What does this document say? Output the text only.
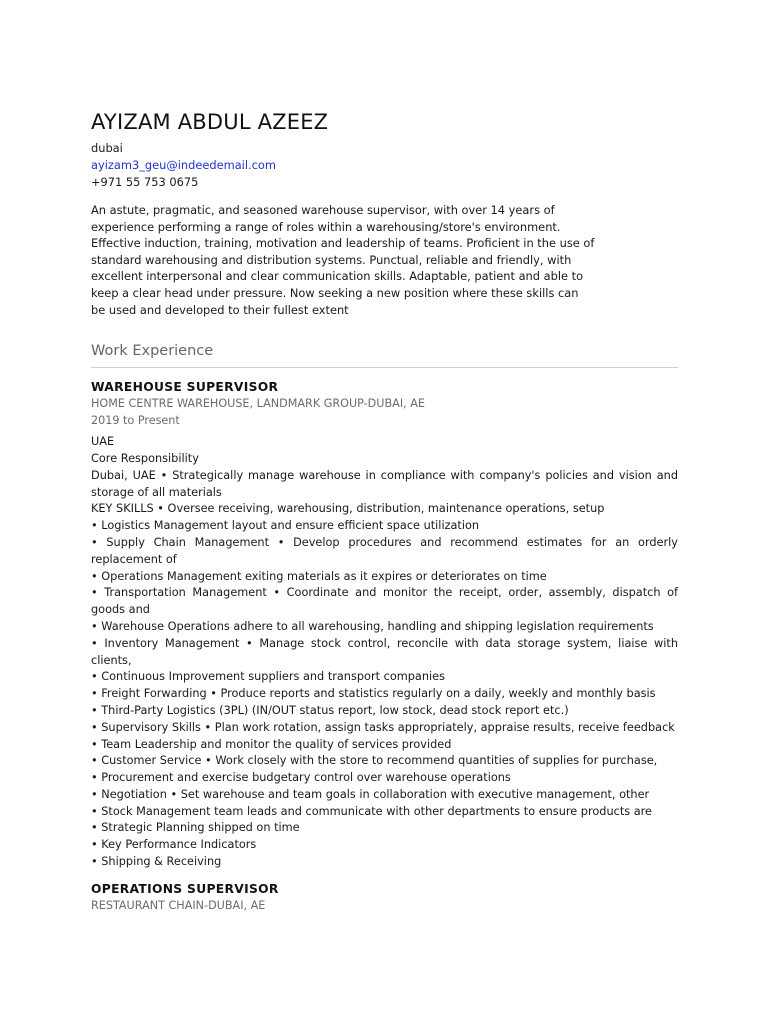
AYIZAM ABDUL AZEEZ
dubai
ayizam3_geu@indeedemail.com
+971 55 753 0675
An astute, pragmatic, and seasoned warehouse supervisor, with over 14 years of experience performing a range of roles within a warehousing/store's environment. Effective induction, training, motivation and leadership of teams. Proficient in the use of standard warehousing and distribution systems. Punctual, reliable and friendly, with excellent interpersonal and clear communication skills. Adaptable, patient and able to keep a clear head under pressure. Now seeking a new position where these skills can be used and developed to their fullest extent
Work Experience
WAREHOUSE SUPERVISOR
HOME CENTRE WAREHOUSE, LANDMARK GROUP-DUBAI, AE
2019 to Present
UAE
Core Responsibility
Dubai, UAE • Strategically manage warehouse in compliance with company's policies and vision and storage of all materials
KEY SKILLS • Oversee receiving, warehousing, distribution, maintenance operations, setup
• Logistics Management layout and ensure efficient space utilization
• Supply Chain Management • Develop procedures and recommend estimates for an orderly replacement of
• Operations Management exiting materials as it expires or deteriorates on time
• Transportation Management • Coordinate and monitor the receipt, order, assembly, dispatch of goods and
• Warehouse Operations adhere to all warehousing, handling and shipping legislation requirements
• Inventory Management • Manage stock control, reconcile with data storage system, liaise with clients,
• Continuous Improvement suppliers and transport companies
• Freight Forwarding • Produce reports and statistics regularly on a daily, weekly and monthly basis
• Third-Party Logistics (3PL) (IN/OUT status report, low stock, dead stock report etc.)
• Supervisory Skills • Plan work rotation, assign tasks appropriately, appraise results, receive feedback
• Team Leadership and monitor the quality of services provided
• Customer Service • Work closely with the store to recommend quantities of supplies for purchase,
• Procurement and exercise budgetary control over warehouse operations
• Negotiation • Set warehouse and team goals in collaboration with executive management, other
• Stock Management team leads and communicate with other departments to ensure products are
• Strategic Planning shipped on time
• Key Performance Indicators
• Shipping & Receiving
OPERATIONS SUPERVISOR
RESTAURANT CHAIN-DUBAI, AE
